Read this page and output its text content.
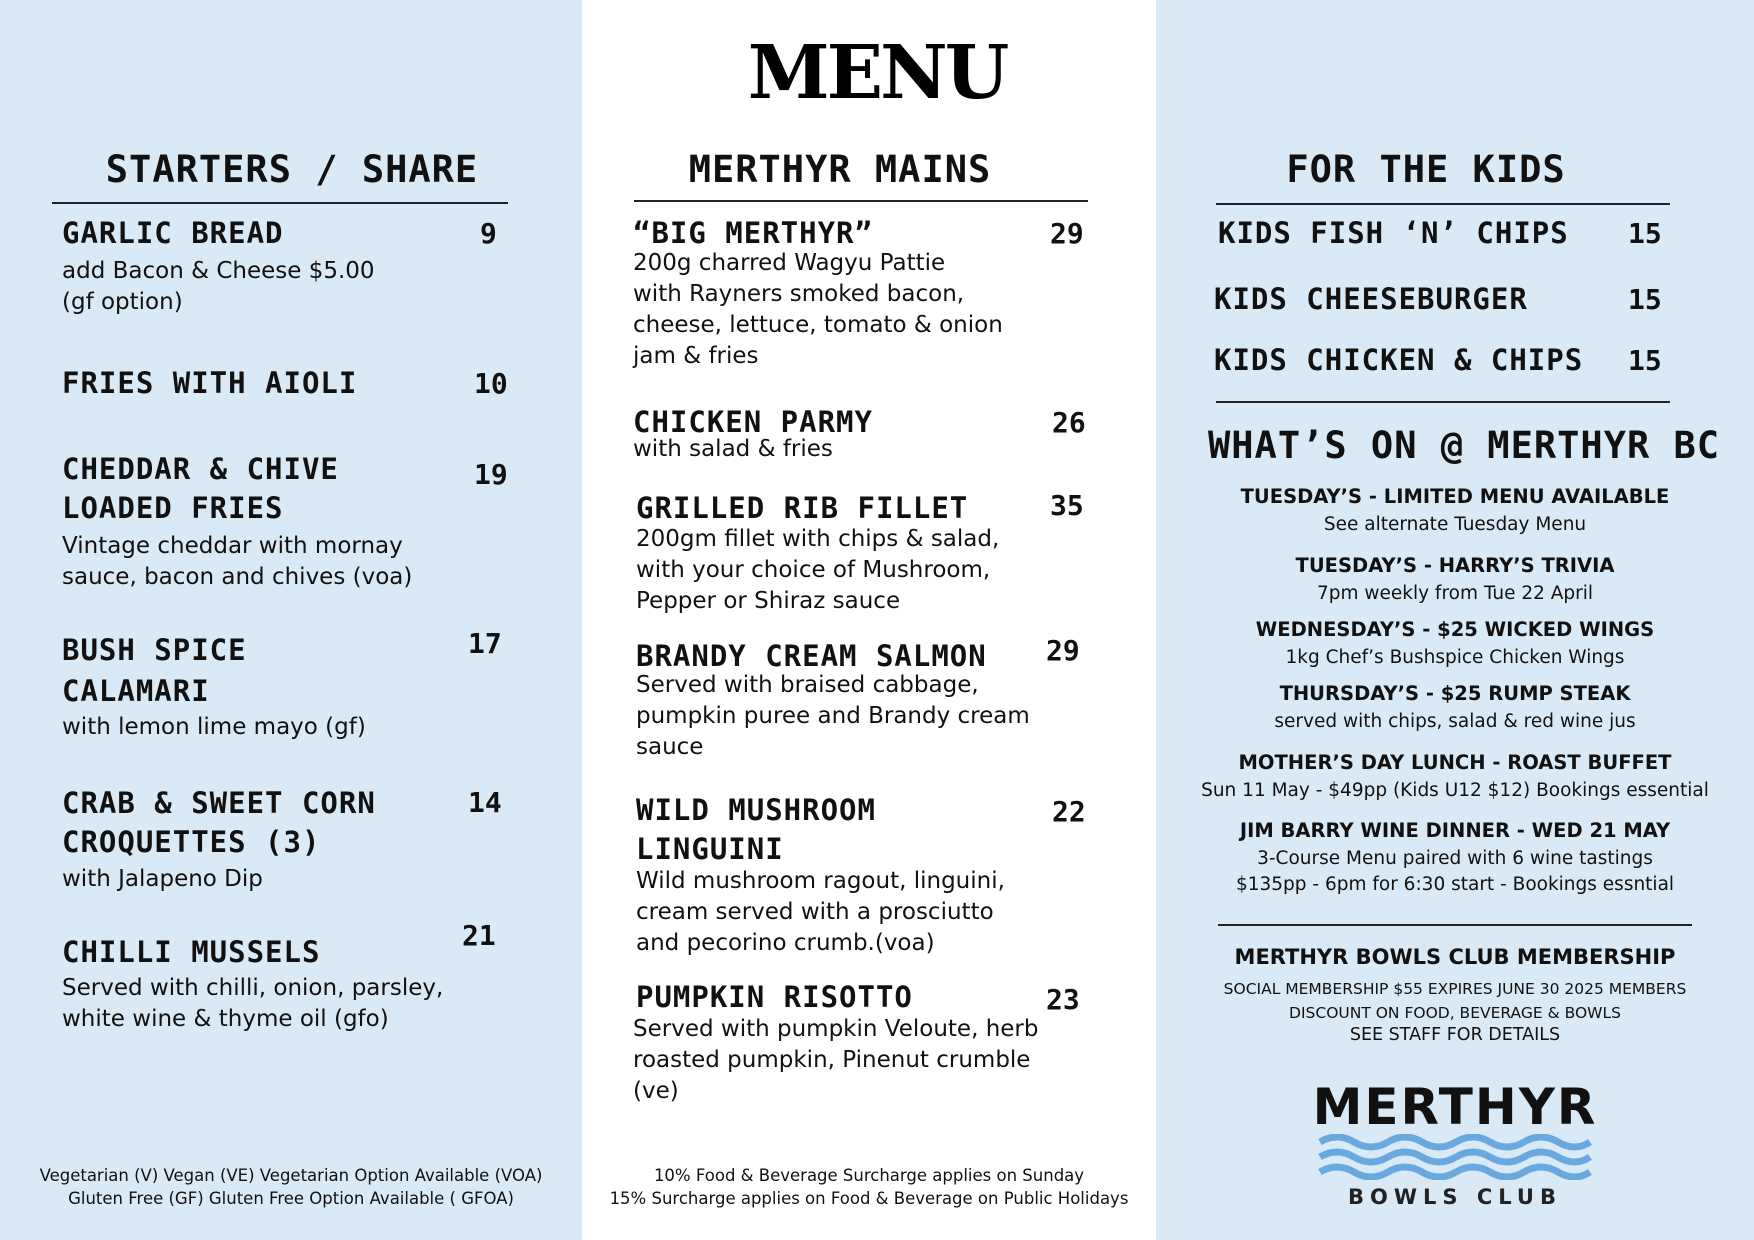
MENU
STARTERS / SHARE
GARLIC BREAD	9
add Bacon & Cheese $5.00
(gf option)
FRIES WITH AIOLI	10
CHEDDAR & CHIVE
LOADED FRIES
19
Vintage cheddar with mornay
sauce, bacon and chives (voa)
BUSH SPICE
CALAMARI
17
with lemon lime mayo (gf)
CRAB & SWEET CORN
CROQUETTES (3)
14
with Jalapeno Dip
CHILLI MUSSELS	21
Served with chilli, onion, parsley,
white wine & thyme oil (gfo)
Vegetarian (V) Vegan (VE) Vegetarian Option Available (VOA)
Gluten Free (GF) Gluten Free Option Available ( GFOA)
MERTHYR MAINS
“BIG MERTHYR”	29
200g charred Wagyu Pattie
with Rayners smoked bacon,
cheese, lettuce, tomato & onion
jam & fries
CHICKEN PARMY	26
with salad & fries
GRILLED RIB FILLET	35
200gm fillet with chips & salad,
with your choice of Mushroom,
Pepper or Shiraz sauce
BRANDY CREAM SALMON 29
Served with braised cabbage,
pumpkin puree and Brandy cream
sauce
WILD MUSHROOM
LINGUINI
22
Wild mushroom ragout, linguini,
cream served with a prosciutto
and pecorino crumb.(voa)
PUMPKIN RISOTTO	23
Served with pumpkin Veloute, herb
roasted pumpkin, Pinenut crumble
(ve)
10% Food & Beverage Surcharge applies on Sunday
15% Surcharge applies on Food & Beverage on Public Holidays
FOR THE KIDS
KIDS FISH ‘N’ CHIPS 15
KIDS CHEESEBURGER	15
KIDS CHICKEN & CHIPS 15
WHAT’S ON @ MERTHYR BC
TUESDAY’S - LIMITED MENU AVAILABLE
See alternate Tuesday Menu
TUESDAY’S - HARRY’S TRIVIA
7pm weekly from Tue 22 April
WEDNESDAY’S - $25 WICKED WINGS
1kg Chef’s Bushspice Chicken Wings
THURSDAY’S - $25 RUMP STEAK
served with chips, salad & red wine jus
MOTHER’S DAY LUNCH - ROAST BUFFET
Sun 11 May - $49pp (Kids U12 $12) Bookings essential
JIM BARRY WINE DINNER - WED 21 MAY
3-Course Menu paired with 6 wine tastings
$135pp - 6pm for 6:30 start - Bookings essntial
MERTHYR BOWLS CLUB MEMBERSHIP
SOCIAL MEMBERSHIP $55 EXPIRES JUNE 30 2025 MEMBERS
DISCOUNT ON FOOD, BEVERAGE & BOWLS
SEE STAFF FOR DETAILS
MERTHYR
BOWLS CLUB
